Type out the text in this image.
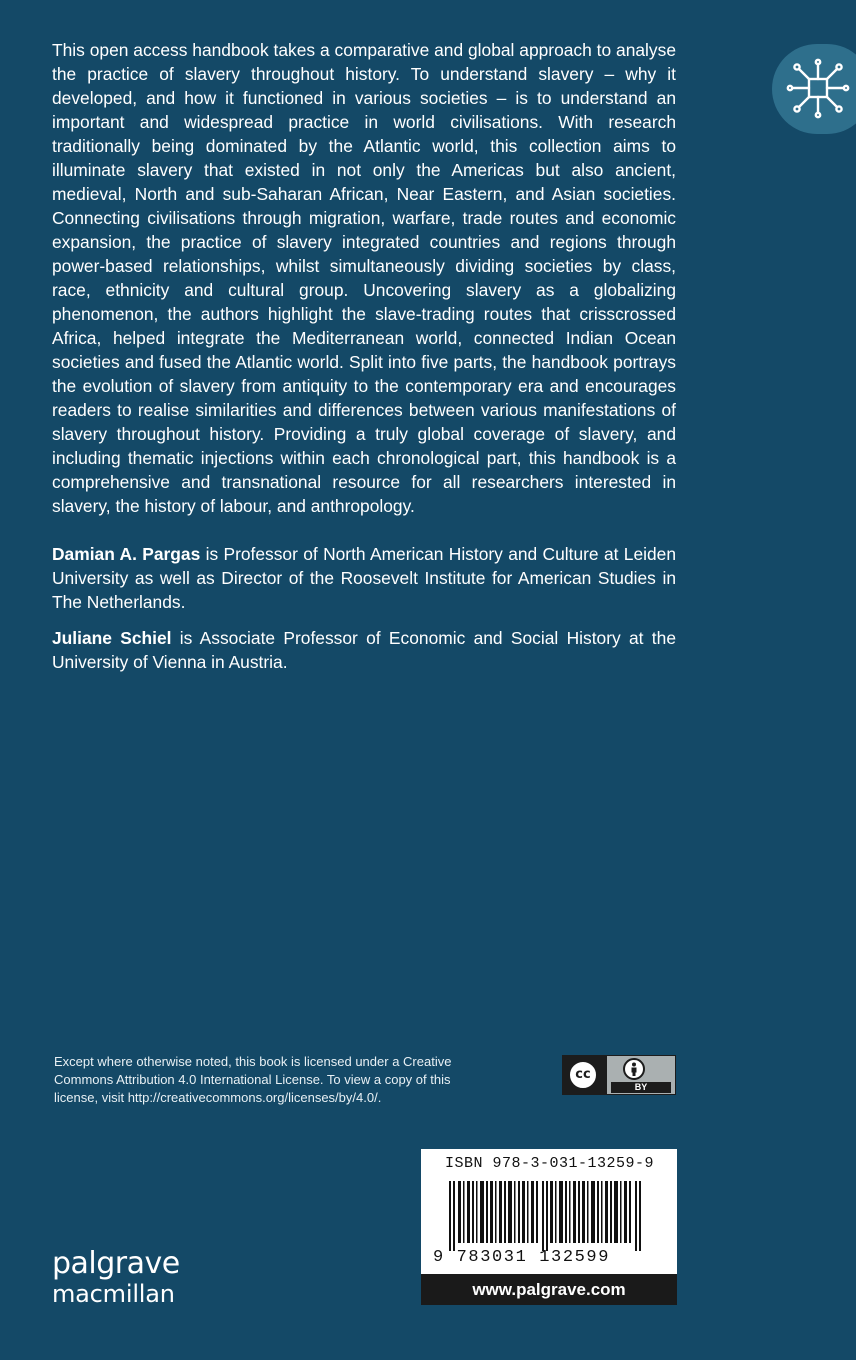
This open access handbook takes a comparative and global approach to analyse the practice of slavery throughout history. To understand slavery – why it developed, and how it functioned in various societies – is to understand an important and widespread practice in world civilisations. With research traditionally being dominated by the Atlantic world, this collection aims to illuminate slavery that existed in not only the Americas but also ancient, medieval, North and sub-Saharan African, Near Eastern, and Asian societies. Connecting civilisations through migration, warfare, trade routes and economic expansion, the practice of slavery integrated countries and regions through power-based relationships, whilst simultaneously dividing societies by class, race, ethnicity and cultural group. Uncovering slavery as a globalizing phenomenon, the authors highlight the slave-trading routes that crisscrossed Africa, helped integrate the Mediterranean world, connected Indian Ocean societies and fused the Atlantic world. Split into five parts, the handbook portrays the evolution of slavery from antiquity to the contemporary era and encourages readers to realise similarities and differences between various manifestations of slavery throughout history. Providing a truly global coverage of slavery, and including thematic injections within each chronological part, this handbook is a comprehensive and transnational resource for all researchers interested in slavery, the history of labour, and anthropology.

Damian A. Pargas is Professor of North American History and Culture at Leiden University as well as Director of the Roosevelt Institute for American Studies in The Netherlands.

Juliane Schiel is Associate Professor of Economic and Social History at the University of Vienna in Austria.

Except where otherwise noted, this book is licensed under a Creative Commons Attribution 4.0 International License. To view a copy of this license, visit http://creativecommons.org/licenses/by/4.0/.

cc
BY
ISBN 978-3-031-13259-9
9 783031 132599
www.palgrave.com
palgrave
macmillan
